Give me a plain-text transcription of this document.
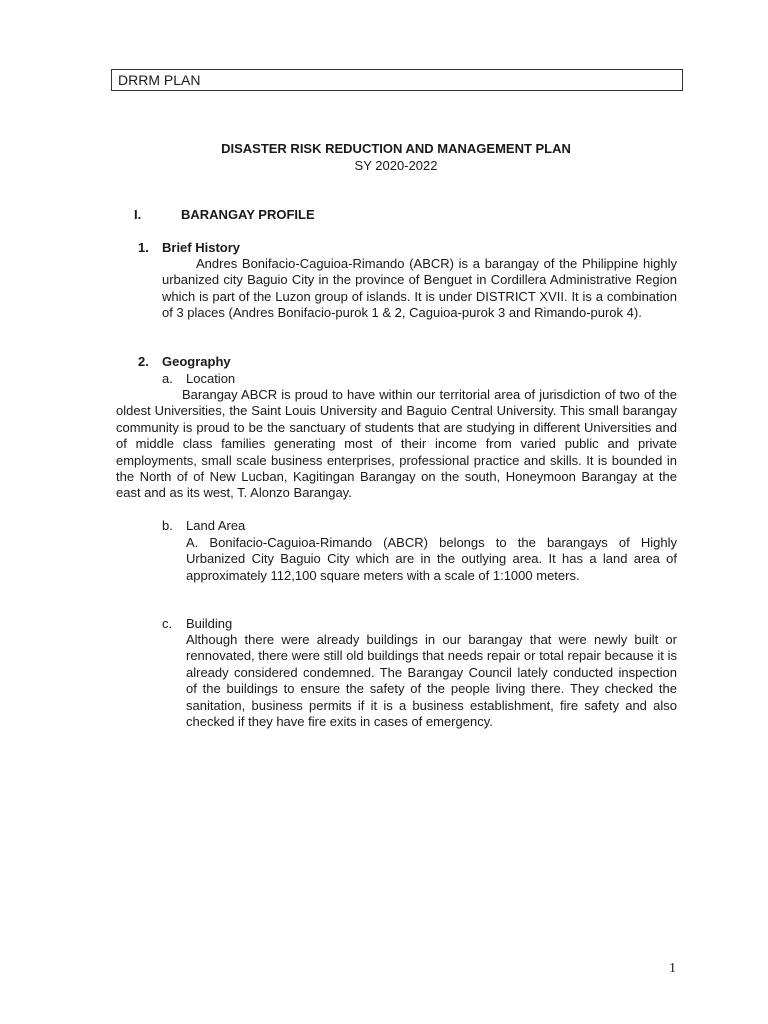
DRRM PLAN
DISASTER RISK REDUCTION AND MANAGEMENT PLAN
SY 2020-2022
I.	BARANGAY PROFILE
1. Brief History
Andres Bonifacio-Caguioa-Rimando (ABCR) is a barangay of the Philippine highly urbanized city Baguio City in the province of Benguet in Cordillera Administrative Region which is part of the Luzon group of islands. It is under DISTRICT XVII. It is a combination of 3 places (Andres Bonifacio-purok 1 & 2, Caguioa-purok 3 and Rimando-purok 4).
2. Geography
a. Location
Barangay ABCR is proud to have within our territorial area of jurisdiction of two of the oldest Universities, the Saint Louis University and Baguio Central University. This small barangay community is proud to be the sanctuary of students that are studying in different Universities and of middle class families generating most of their income from varied public and private employments, small scale business enterprises, professional practice and skills. It is bounded in the North of of New Lucban, Kagitingan Barangay on the south, Honeymoon Barangay at the east and as its west, T. Alonzo Barangay.
b. Land Area
A. Bonifacio-Caguioa-Rimando (ABCR) belongs to the barangays of Highly Urbanized City Baguio City which are in the outlying area. It has a land area of approximately 112,100 square meters with a scale of 1:1000 meters.
c. Building
Although there were already buildings in our barangay that were newly built or rennovated, there were still old buildings that needs repair or total repair because it is already considered condemned. The Barangay Council lately conducted inspection of the buildings to ensure the safety of the people living there. They checked the sanitation, business permits if it is a business establishment, fire safety and also checked if they have fire exits in cases of emergency.
1
